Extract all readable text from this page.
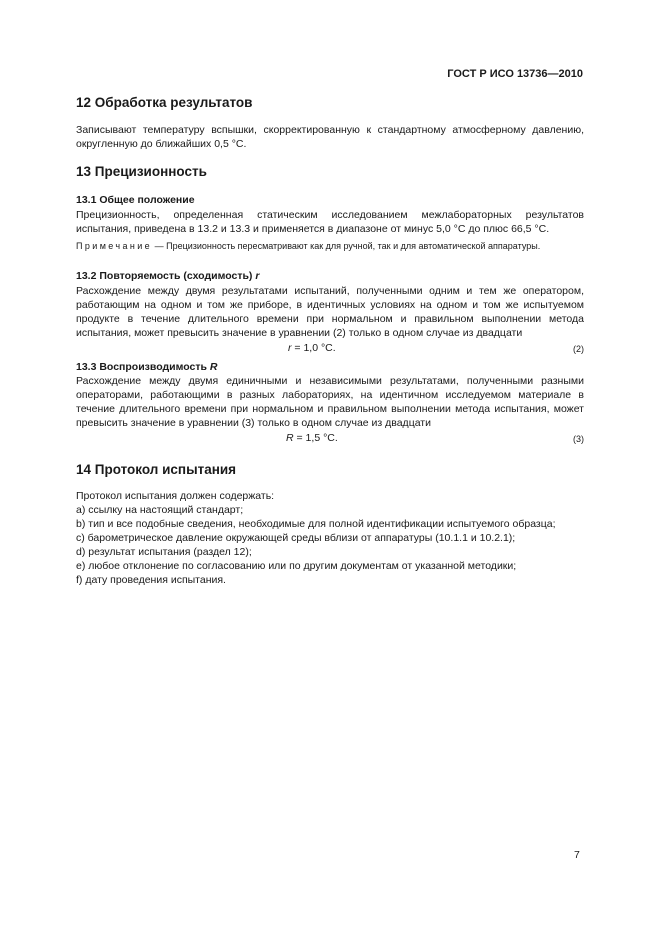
ГОСТ Р ИСО 13736—2010
12 Обработка результатов

Записывают температуру вспышки, скорректированную к стандартному атмосферному давлению, округленную до ближайших 0,5 °С.

13 Прецизионность
13.1 Общее положение

Прецизионность, определенная статическим исследованием межлабораторных результатов испытания, приведена в 13.2 и 13.3 и применяется в диапазоне от минус 5,0 °С до плюс 66,5 °С.

Примечание — Прецизионность пересматривают как для ручной, так и для автоматической аппаратуры.

13.2 Повторяемость (сходимость) r

Расхождение между двумя результатами испытаний, полученными одним и тем же оператором, работающим на одном и том же приборе, в идентичных условиях на одном и том же испытуемом продукте в течение длительного времени при нормальном и правильном выполнении метода испытания, может превысить значение в уравнении (2) только в одном случае из двадцати

r = 1,0 °С.	(2)
13.3 Воспроизводимость R

Расхождение между двумя единичными и независимыми результатами, полученными разными операторами, работающими в разных лабораториях, на идентичном исследуемом материале в течение длительного времени при нормальном и правильном выполнении метода испытания, может превысить значение в уравнении (3) только в одном случае из двадцати

R = 1,5 °С.	(3)
14 Протокол испытания

Протокол испытания должен содержать:

a) ссылку на настоящий стандарт;
b) тип и все подобные сведения, необходимые для полной идентификации испытуемого образца;
c) барометрическое давление окружающей среды вблизи от аппаратуры (10.1.1 и 10.2.1);
d) результат испытания (раздел 12);
e) любое отклонение по согласованию или по другим документам от указанной методики;
f) дату проведения испытания.
7
